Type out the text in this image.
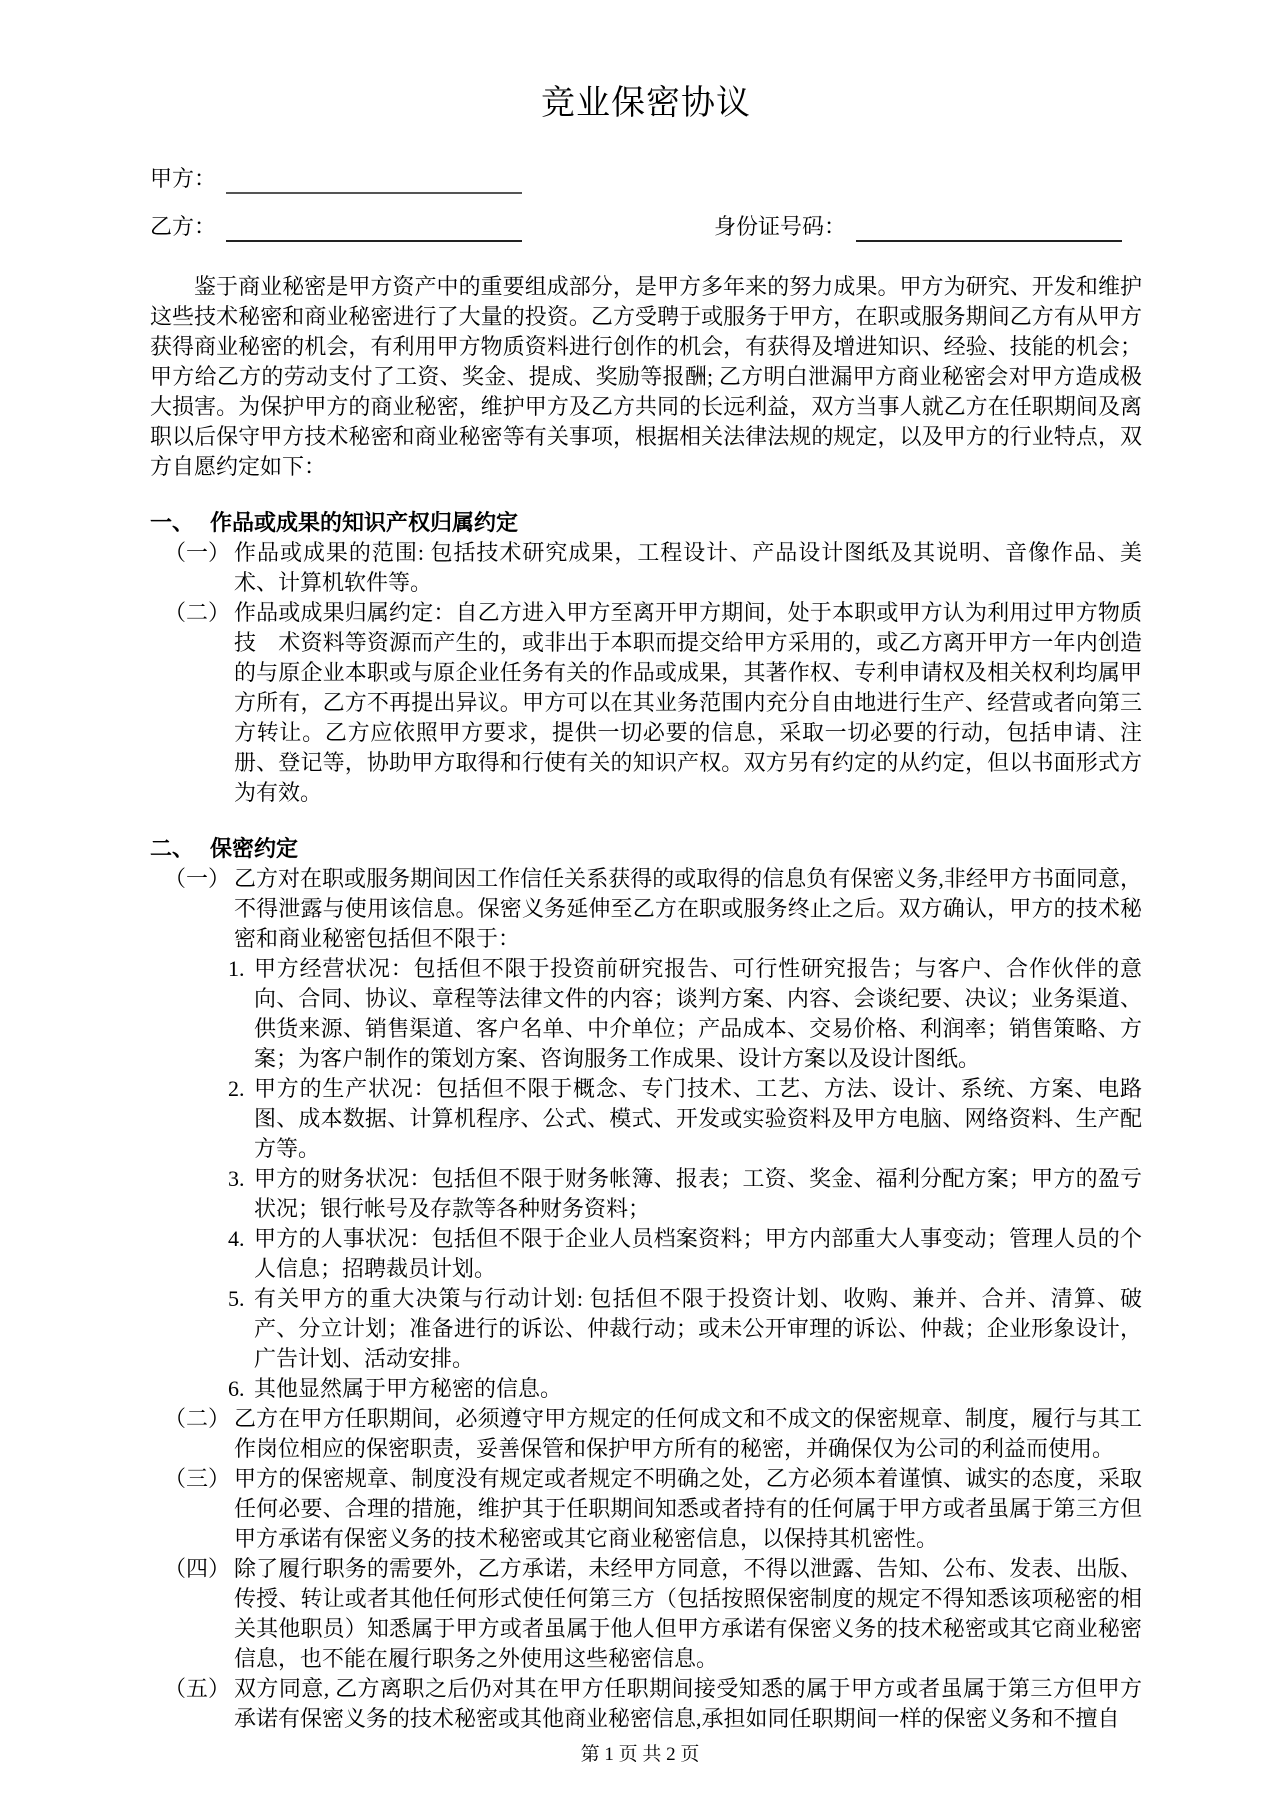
竞业保密协议
甲方：
乙方：	身份证号码：

鉴于商业秘密是甲方资产中的重要组成部分，是甲方多年来的努力成果。甲方为研究、开发和维护这些技术秘密和商业秘密进行了大量的投资。乙方受聘于或服务于甲方，在职或服务期间乙方有从甲方获得商业秘密的机会，有利用甲方物质资料进行创作的机会，有获得及增进知识、经验、技能的机会；甲方给乙方的劳动支付了工资、奖金、提成、奖励等报酬; 乙方明白泄漏甲方商业秘密会对甲方造成极大损害。为保护甲方的商业秘密，维护甲方及乙方共同的长远利益，双方当事人就乙方在任职期间及离职以后保守甲方技术秘密和商业秘密等有关事项，根据相关法律法规的规定，以及甲方的行业特点，双方自愿约定如下：

一、 作品或成果的知识产权归属约定
（一） 作品或成果的范围: 包括技术研究成果，工程设计、产品设计图纸及其说明、音像作品、美术、计算机软件等。
（二） 作品或成果归属约定：自乙方进入甲方至离开甲方期间，处于本职或甲方认为利用过甲方物质技　术资料等资源而产生的，或非出于本职而提交给甲方采用的，或乙方离开甲方一年内创造的与原企业本职或与原企业任务有关的作品或成果，其著作权、专利申请权及相关权利均属甲方所有，乙方不再提出异议。甲方可以在其业务范围内充分自由地进行生产、经营或者向第三方转让。乙方应依照甲方要求，提供一切必要的信息，采取一切必要的行动，包括申请、注册、登记等，协助甲方取得和行使有关的知识产权。双方另有约定的从约定，但以书面形式方为有效。
二、 保密约定
（一） 乙方对在职或服务期间因工作信任关系获得的或取得的信息负有保密义务,非经甲方书面同意，不得泄露与使用该信息。保密义务延伸至乙方在职或服务终止之后。双方确认，甲方的技术秘密和商业秘密包括但不限于：
1. 甲方经营状况：包括但不限于投资前研究报告、可行性研究报告；与客户、合作伙伴的意向、合同、协议、章程等法律文件的内容；谈判方案、内容、会谈纪要、决议；业务渠道、供货来源、销售渠道、客户名单、中介单位；产品成本、交易价格、利润率；销售策略、方案；为客户制作的策划方案、咨询服务工作成果、设计方案以及设计图纸。
2. 甲方的生产状况：包括但不限于概念、专门技术、工艺、方法、设计、系统、方案、电路图、成本数据、计算机程序、公式、模式、开发或实验资料及甲方电脑、网络资料、生产配方等。
3. 甲方的财务状况：包括但不限于财务帐簿、报表；工资、奖金、福利分配方案；甲方的盈亏状况；银行帐号及存款等各种财务资料；
4. 甲方的人事状况：包括但不限于企业人员档案资料；甲方内部重大人事变动；管理人员的个人信息；招聘裁员计划。
5. 有关甲方的重大决策与行动计划: 包括但不限于投资计划、收购、兼并、合并、清算、破产、分立计划；准备进行的诉讼、仲裁行动；或未公开审理的诉讼、仲裁；企业形象设计，广告计划、活动安排。
6. 其他显然属于甲方秘密的信息。
（二） 乙方在甲方任职期间，必须遵守甲方规定的任何成文和不成文的保密规章、制度，履行与其工作岗位相应的保密职责，妥善保管和保护甲方所有的秘密，并确保仅为公司的利益而使用。
（三） 甲方的保密规章、制度没有规定或者规定不明确之处，乙方必须本着谨慎、诚实的态度，采取任何必要、合理的措施，维护其于任职期间知悉或者持有的任何属于甲方或者虽属于第三方但甲方承诺有保密义务的技术秘密或其它商业秘密信息，以保持其机密性。
（四） 除了履行职务的需要外，乙方承诺，未经甲方同意，不得以泄露、告知、公布、发表、出版、传授、转让或者其他任何形式使任何第三方（包括按照保密制度的规定不得知悉该项秘密的相关其他职员）知悉属于甲方或者虽属于他人但甲方承诺有保密义务的技术秘密或其它商业秘密信息，也不能在履行职务之外使用这些秘密信息。
（五） 双方同意, 乙方离职之后仍对其在甲方任职期间接受知悉的属于甲方或者虽属于第三方但甲方承诺有保密义务的技术秘密或其他商业秘密信息,承担如同任职期间一样的保密义务和不擅自
第 1 页 共 2 页
